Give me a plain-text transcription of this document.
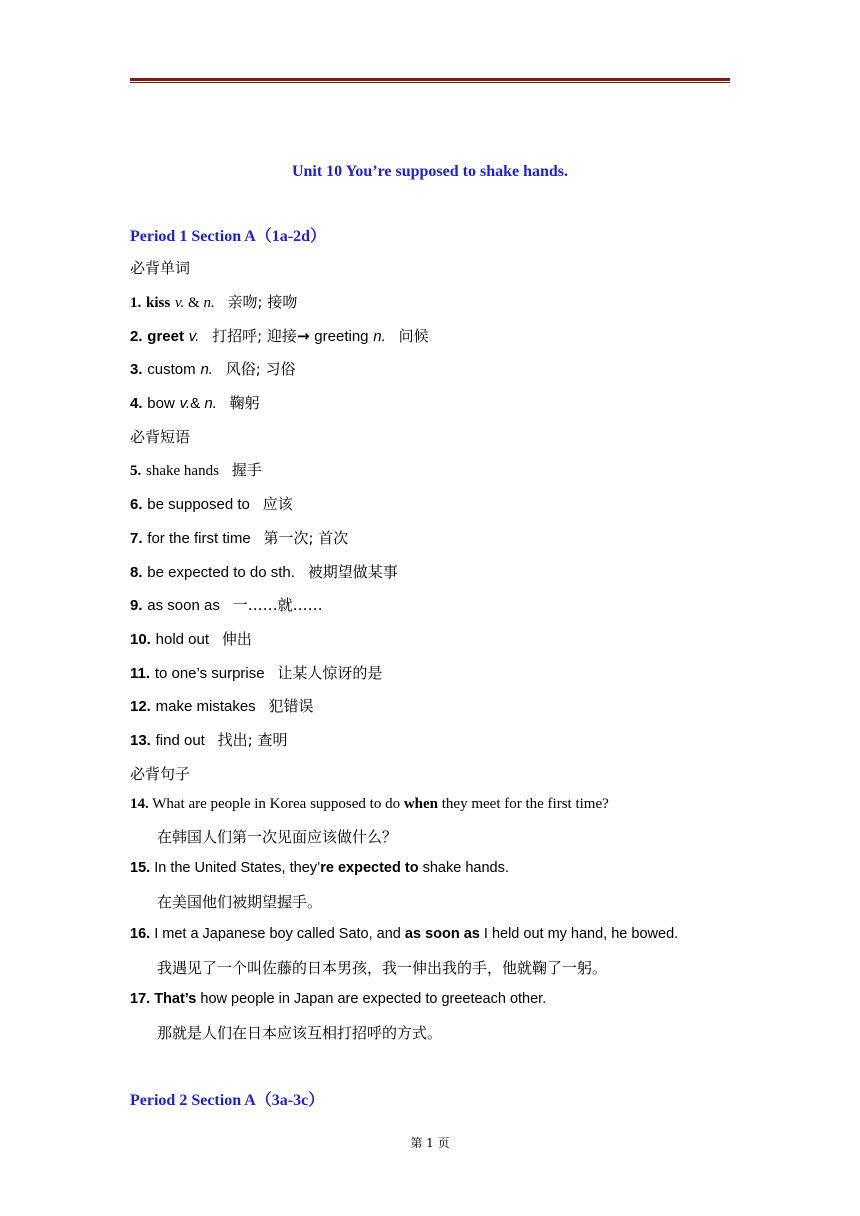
Unit 10 You’re supposed to shake hands.
Period 1 Section A（1a-2d）
必背单词
1. kiss v. & n. 亲吻; 接吻
2. greet v. 打招呼; 迎接→ greeting n. 问候
3. custom n. 风俗; 习俗
4. bow v.& n. 鞠躬
必背短语
5. shake hands 握手
6. be supposed to 应该
7. for the first time 第一次; 首次
8. be expected to do sth. 被期望做某事
9. as soon as 一……就……
10. hold out 伸出
11. to one’s surprise 让某人惊讶的是
12. make mistakes 犯错误
13. find out 找出; 查明
必背句子
14. What are people in Korea supposed to do when they meet for the first time?
在韩国人们第一次见面应该做什么？
15. In the United States, they’re expected to shake hands.
在美国他们被期望握手。
16. I met a Japanese boy called Sato, and as soon as I held out my hand, he bowed.
我遇见了一个叫佐藤的日本男孩，我一伸出我的手，他就鞠了一躬。
17. That’s how people in Japan are expected to greeteach other.
那就是人们在日本应该互相打招呼的方式。
Period 2 Section A（3a-3c）
第 1 页
